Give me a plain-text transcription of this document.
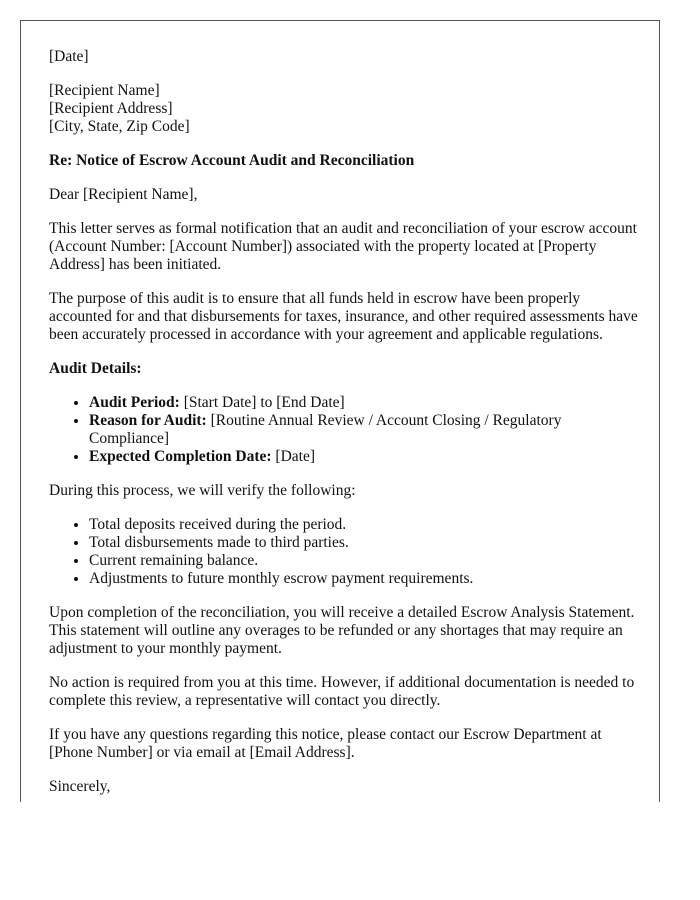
[Date]

[Recipient Name]
[Recipient Address]
[City, State, Zip Code]

Re: Notice of Escrow Account Audit and Reconciliation

Dear [Recipient Name],

This letter serves as formal notification that an audit and reconciliation of your escrow account (Account Number: [Account Number]) associated with the property located at [Property Address] has been initiated.

The purpose of this audit is to ensure that all funds held in escrow have been properly accounted for and that disbursements for taxes, insurance, and other required assessments have been accurately processed in accordance with your agreement and applicable regulations.

Audit Details:

• Audit Period: [Start Date] to [End Date]
• Reason for Audit: [Routine Annual Review / Account Closing / Regulatory Compliance]
• Expected Completion Date: [Date]

During this process, we will verify the following:

• Total deposits received during the period.
• Total disbursements made to third parties.
• Current remaining balance.
• Adjustments to future monthly escrow payment requirements.

Upon completion of the reconciliation, you will receive a detailed Escrow Analysis Statement. This statement will outline any overages to be refunded or any shortages that may require an adjustment to your monthly payment.

No action is required from you at this time. However, if additional documentation is needed to complete this review, a representative will contact you directly.

If you have any questions regarding this notice, please contact our Escrow Department at [Phone Number] or via email at [Email Address].

Sincerely,
